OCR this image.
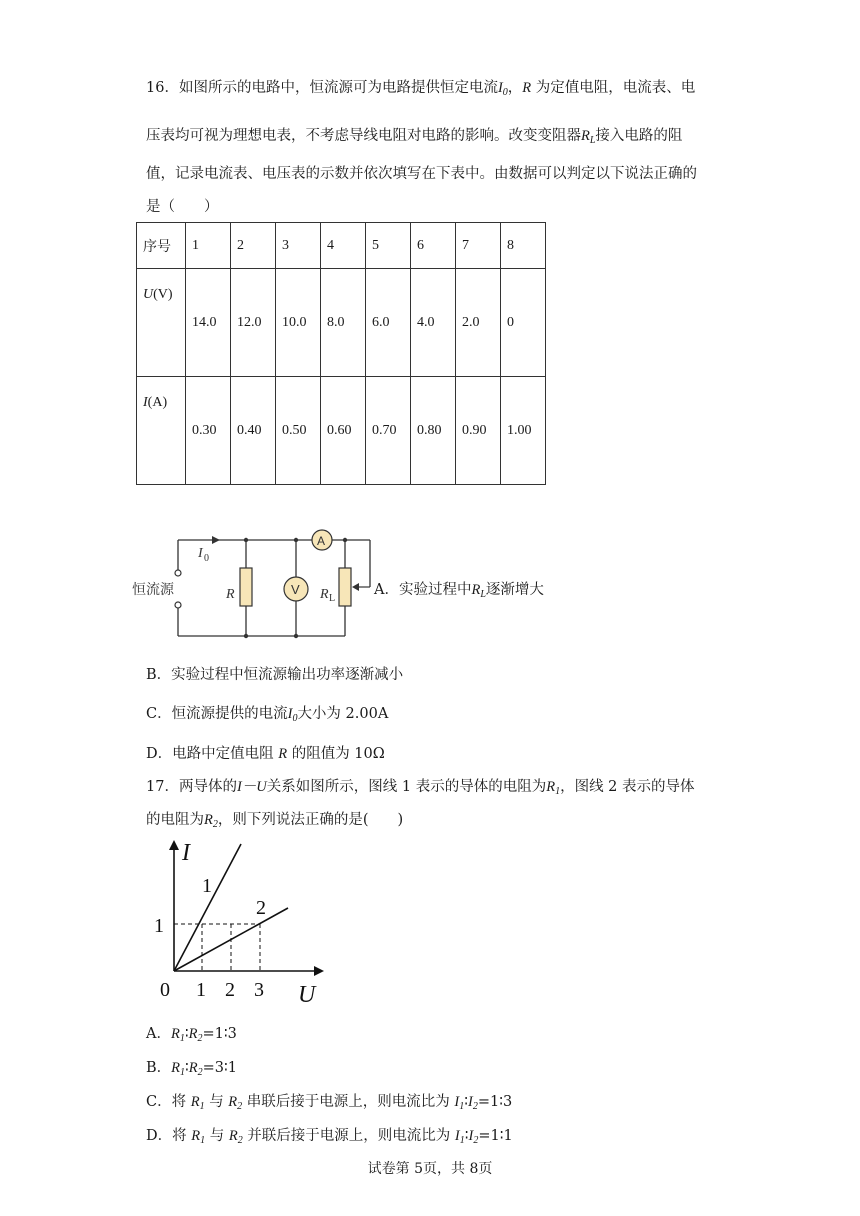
16．如图所示的电路中，恒流源可为电路提供恒定电流$I_0$，R 为定值电阻，电流表、电
压表均可视为理想电表，不考虑导线电阻对电路的影响。改变变阻器$R_L$接入电路的阻
值，记录电流表、电压表的示数并依次填写在下表中。由数据可以判定以下说法正确的
是（　　）
序号	1	2	3	4	5	6	7	8
U(V)	14.0	12.0	10.0	8.0	6.0	4.0	2.0	0
I(A)	0.30	0.40	0.50	0.60	0.70	0.80	0.90	1.00
恒流源
I 0
R	V
A
R L
A．实验过程中$R_L$逐渐增大
B．实验过程中恒流源输出功率逐渐减小
C．恒流源提供的电流$I_0$大小为 2.00A
D．电路中定值电阻 R 的阻值为 10Ω
17．两导体的I－U关系如图所示，图线 1 表示的导体的电阻为$R_1$，图线 2 表示的导体
的电阻为$R_2$，则下列说法正确的是(　　)
I
U
0 1 2 3
1
1
2
A．$R_1∶R_2=1∶3$
B．$R_1∶R_2=3∶1$
C．将 $R_1$ 与 $R_2$ 串联后接于电源上，则电流比为 $I_1∶I_2=1∶3$
D．将 $R_1$ 与 $R_2$ 并联后接于电源上，则电流比为 $I_1∶I_2=1∶1$
试卷第 5页，共 8页
